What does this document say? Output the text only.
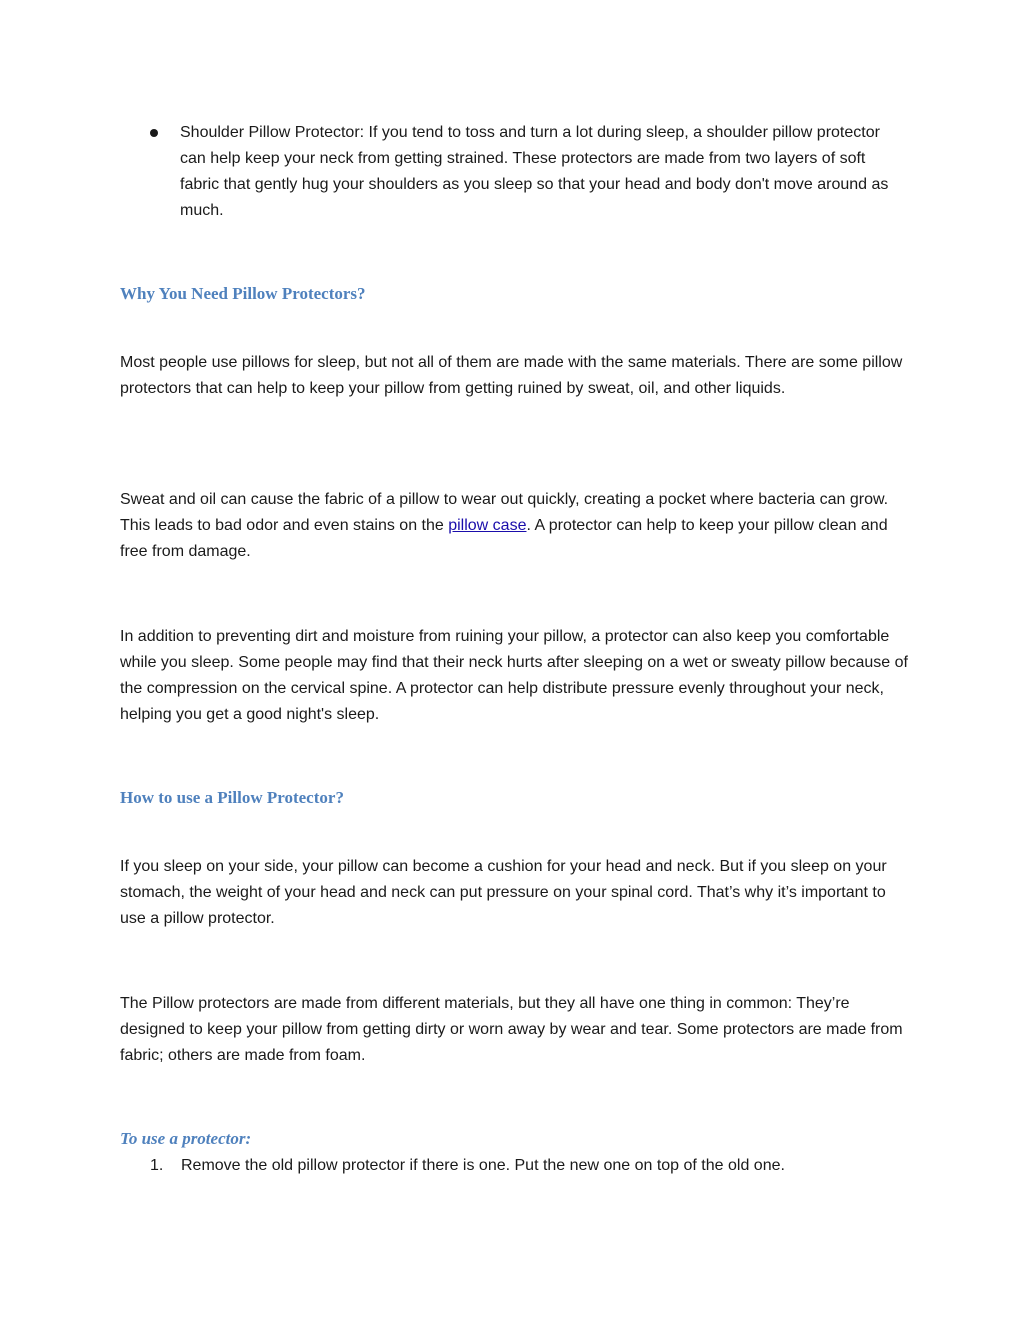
Shoulder Pillow Protector: If you tend to toss and turn a lot during sleep, a shoulder pillow protector can help keep your neck from getting strained. These protectors are made from two layers of soft fabric that gently hug your shoulders as you sleep so that your head and body don't move around as much.

Why You Need Pillow Protectors?

Most people use pillows for sleep, but not all of them are made with the same materials. There are some pillow protectors that can help to keep your pillow from getting ruined by sweat, oil, and other liquids.

Sweat and oil can cause the fabric of a pillow to wear out quickly, creating a pocket where bacteria can grow. This leads to bad odor and even stains on the pillow case. A protector can help to keep your pillow clean and free from damage.

In addition to preventing dirt and moisture from ruining your pillow, a protector can also keep you comfortable while you sleep. Some people may find that their neck hurts after sleeping on a wet or sweaty pillow because of the compression on the cervical spine. A protector can help distribute pressure evenly throughout your neck, helping you get a good night's sleep.

How to use a Pillow Protector?

If you sleep on your side, your pillow can become a cushion for your head and neck. But if you sleep on your stomach, the weight of your head and neck can put pressure on your spinal cord. That’s why it’s important to use a pillow protector.

The Pillow protectors are made from different materials, but they all have one thing in common: They’re designed to keep your pillow from getting dirty or worn away by wear and tear. Some protectors are made from fabric; others are made from foam.

To use a protector:
1. Remove the old pillow protector if there is one. Put the new one on top of the old one.
